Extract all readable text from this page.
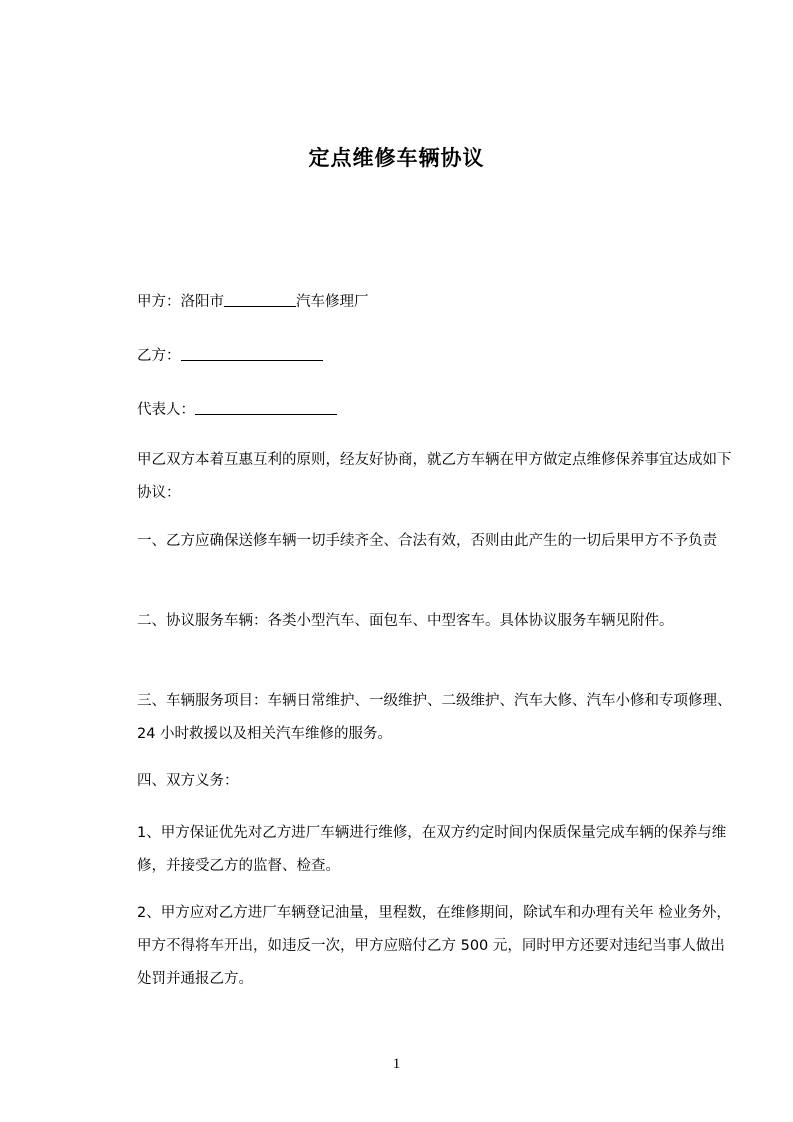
定点维修车辆协议
甲方：洛阳市	汽车修理厂
乙方：
代表人：
甲乙双方本着互惠互利的原则，经友好协商，就乙方车辆在甲方做定点维修保养事宜达成如下协议：
一、乙方应确保送修车辆一切手续齐全、合法有效，否则由此产生的一切后果甲方不予负责
二、协议服务车辆：各类小型汽车、面包车、中型客车。具体协议服务车辆见附件。
三、车辆服务项目：车辆日常维护、一级维护、二级维护、汽车大修、汽车小修和专项修理、24 小时救援以及相关汽车维修的服务。
四、双方义务：
1、甲方保证优先对乙方进厂车辆进行维修，在双方约定时间内保质保量完成车辆的保养与维修，并接受乙方的监督、检查。
2、甲方应对乙方进厂车辆登记油量，里程数，在维修期间，除试车和办理有关年 检业务外，甲方不得将车开出，如违反一次，甲方应赔付乙方 500 元，同时甲方还要对违纪当事人做出处罚并通报乙方。
1
